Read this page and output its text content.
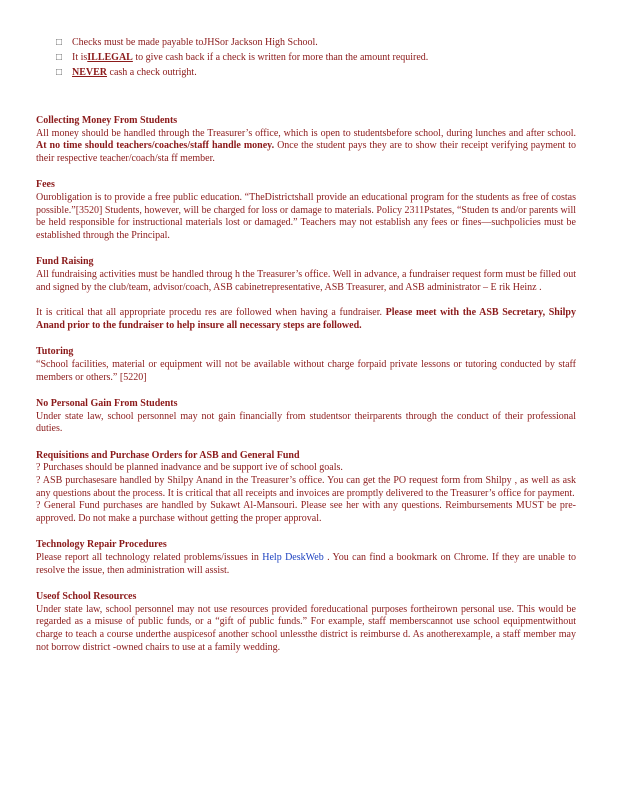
□ Checks must be made payable toJHSor Jackson High School.
□ It isILLEGAL to give cash back if a check is written for more than the amount required.
□ NEVER cash a check outright.

Collecting Money From Students

All money should be handled through the Treasurer’s office, which is open to studentsbefore school, during lunches and after school. At no time should teachers/coaches/staff handle money. Once the student pays they are to show their receipt verifying payment to their respective teacher/coach/sta ff member.

Fees

Ourobligation is to provide a free public education. “TheDistrictshall provide an educational program for the students as free of costas possible.”[3520] Students, however, will be charged for loss or damage to materials. Policy 2311Pstates, “Studen ts and/or parents will be held responsible for instructional materials lost or damaged.” Teachers may not establish any fees or fines—suchpolicies must be established through the Principal.

Fund Raising

All fundraising activities must be handled throug h the Treasurer’s office. Well in advance, a fundraiser request form must be filled out and signed by the club/team, advisor/coach, ASB cabinetrepresentative, ASB Treasurer, and ASB administrator – E rik Heinz .

It is critical that all appropriate procedu res are followed when having a fundraiser. Please meet with the ASB Secretary, Shilpy Anand prior to the fundraiser to help insure all necessary steps are followed.

Tutoring

“School facilities, material or equipment will not be available without charge forpaid private lessons or tutoring conducted by staff members or others.” [5220]

No Personal Gain From Students

Under state law, school personnel may not gain financially from studentsor theirparents through the conduct of their professional duties.

Requisitions and Purchase Orders for ASB and General Fund

? Purchases should be planned inadvance and be support ive of school goals.

? ASB purchasesare handled by Shilpy Anand in the Treasurer’s office. You can get the PO request form from Shilpy , as well as ask any questions about the process. It is critical that all receipts and invoices are promptly delivered to the Treasurer’s office for payment.

? General Fund purchases are handled by Sukawt Al-Mansouri. Please see her with any questions. Reimbursements MUST be pre- approved. Do not make a purchase without getting the proper approval.

Technology Repair Procedures

Please report all technology related problems/issues in Help DeskWeb . You can find a bookmark on Chrome. If they are unable to resolve the issue, then administration will assist.

Useof School Resources

Under state law, school personnel may not use resources provided foreducational purposes fortheirown personal use. This would be regarded as a misuse of public funds, or a “gift of public funds.” For example, staff memberscannot use school equipmentwithout charge to teach a course underthe auspicesof another school unlessthe district is reimburse d. As anotherexample, a staff member may not borrow district -owned chairs to use at a family wedding.
